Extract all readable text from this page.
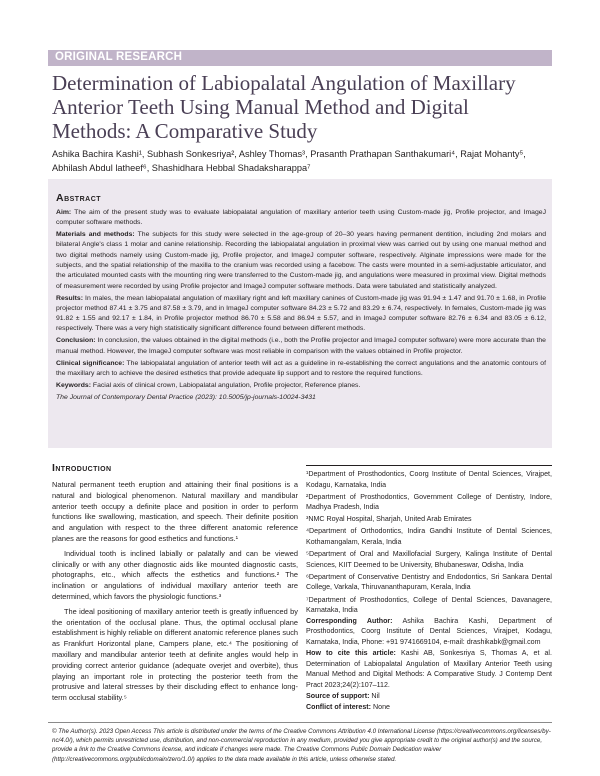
ORIGINAL RESEARCH
Determination of Labiopalatal Angulation of Maxillary Anterior Teeth Using Manual Method and Digital Methods: A Comparative Study
Ashika Bachira Kashi¹, Subhash Sonkesriya², Ashley Thomas³, Prasanth Prathapan Santhakumari⁴, Rajat Mohanty⁵,
Abhilash Abdul latheef⁶, Shashidhara Hebbal Shadaksharappa⁷
Abstract

Aim: The aim of the present study was to evaluate labiopalatal angulation of maxillary anterior teeth using Custom-made jig, Profile projector, and ImageJ computer software methods.

Materials and methods: The subjects for this study were selected in the age-group of 20–30 years having permanent dentition, including 2nd molars and bilateral Angle's class 1 molar and canine relationship. Recording the labiopalatal angulation in proximal view was carried out by using one manual method and two digital methods namely using Custom-made jig, Profile projector, and ImageJ computer software, respectively. Alginate impressions were made for the subjects, and the spatial relationship of the maxilla to the cranium was recorded using a facebow. The casts were mounted in a semi-adjustable articulator, and the articulated mounted casts with the mounting ring were transferred to the Custom-made jig, and angulations were measured in proximal view. Digital methods of measurement were recorded by using Profile projector and ImageJ computer software methods. Data were tabulated and statistically analyzed.

Results: In males, the mean labiopalatal angulation of maxillary right and left maxillary canines of Custom-made jig was 91.94 ± 1.47 and 91.70 ± 1.68, in Profile projector method 87.41 ± 3.75 and 87.58 ± 3.79, and in ImageJ computer software 84.23 ± 5.72 and 83.29 ± 6.74, respectively. In females, Custom-made jig was 91.82 ± 1.55 and 92.17 ± 1.84, in Profile projector method 86.70 ± 5.58 and 86.94 ± 5.57, and in ImageJ computer software 82.76 ± 6.34 and 83.05 ± 6.12, respectively. There was a very high statistically significant difference found between different methods.

Conclusion: In conclusion, the values obtained in the digital methods (i.e., both the Profile projector and ImageJ computer software) were more accurate than the manual method. However, the ImageJ computer software was most reliable in comparison with the values obtained in Profile projector.

Clinical significance: The labiopalatal angulation of anterior teeth will act as a guideline in re-establishing the correct angulations and the anatomic contours of the maxillary arch to achieve the desired esthetics that provide adequate lip support and to restore the required functions.

Keywords: Facial axis of clinical crown, Labiopalatal angulation, Profile projector, Reference planes.

The Journal of Contemporary Dental Practice (2023): 10.5005/jp-journals-10024-3431

Introduction

Natural permanent teeth eruption and attaining their final positions is a natural and biological phenomenon. Natural maxillary and mandibular anterior teeth occupy a definite place and position in order to perform functions like swallowing, mastication, and speech. Their definite position and angulation with respect to the three different anatomic reference planes are the reasons for good esthetics and functions.¹

Individual tooth is inclined labially or palatally and can be viewed clinically or with any other diagnostic aids like mounted diagnostic casts, photographs, etc., which affects the esthetics and functions.² The inclination or angulations of individual maxillary anterior teeth are determined, which favors the physiologic functions.³

The ideal positioning of maxillary anterior teeth is greatly influenced by the orientation of the occlusal plane. Thus, the optimal occlusal plane establishment is highly reliable on different anatomic reference planes such as Frankfurt Horizontal plane, Campers plane, etc.⁴ The positioning of maxillary and mandibular anterior teeth at definite angles would help in providing correct anterior guidance (adequate overjet and overbite), thus playing an important role in protecting the posterior teeth from the protrusive and lateral stresses by their discluding effect to enhance long-term occlusal stability.⁵

¹Department of Prosthodontics, Coorg Institute of Dental Sciences, Virajpet, Kodagu, Karnataka, India

²Department of Prosthodontics, Government College of Dentistry, Indore, Madhya Pradesh, India

³NMC Royal Hospital, Sharjah, United Arab Emirates

⁴Department of Orthodontics, Indira Gandhi Institute of Dental Sciences, Kothamangalam, Kerala, India

⁵Department of Oral and Maxillofacial Surgery, Kalinga Institute of Dental Sciences, KIIT Deemed to be University, Bhubaneswar, Odisha, India

⁶Department of Conservative Dentistry and Endodontics, Sri Sankara Dental College, Varkala, Thiruvananthapuram, Kerala, India

⁷Department of Prosthodontics, College of Dental Sciences, Davanagere, Karnataka, India

Corresponding Author: Ashika Bachira Kashi, Department of Prosthodontics, Coorg Institute of Dental Sciences, Virajpet, Kodagu, Karnataka, India, Phone: +91 9741669104, e-mail: drashikabk@gmail.com

How to cite this article: Kashi AB, Sonkesriya S, Thomas A, et al. Determination of Labiopalatal Angulation of Maxillary Anterior Teeth using Manual Method and Digital Methods: A Comparative Study. J Contemp Dent Pract 2023;24(2):107–112.

Source of support: Nil

Conflict of interest: None

© The Author(s). 2023 Open Access This article is distributed under the terms of the Creative Commons Attribution 4.0 International License (https://creativecommons.org/licenses/by-nc/4.0/), which permits unrestricted use, distribution, and non-commercial reproduction in any medium, provided you give appropriate credit to the original author(s) and the source, provide a link to the Creative Commons license, and indicate if changes were made. The Creative Commons Public Domain Dedication waiver (http://creativecommons.org/publicdomain/zero/1.0/) applies to the data made available in this article, unless otherwise stated.
